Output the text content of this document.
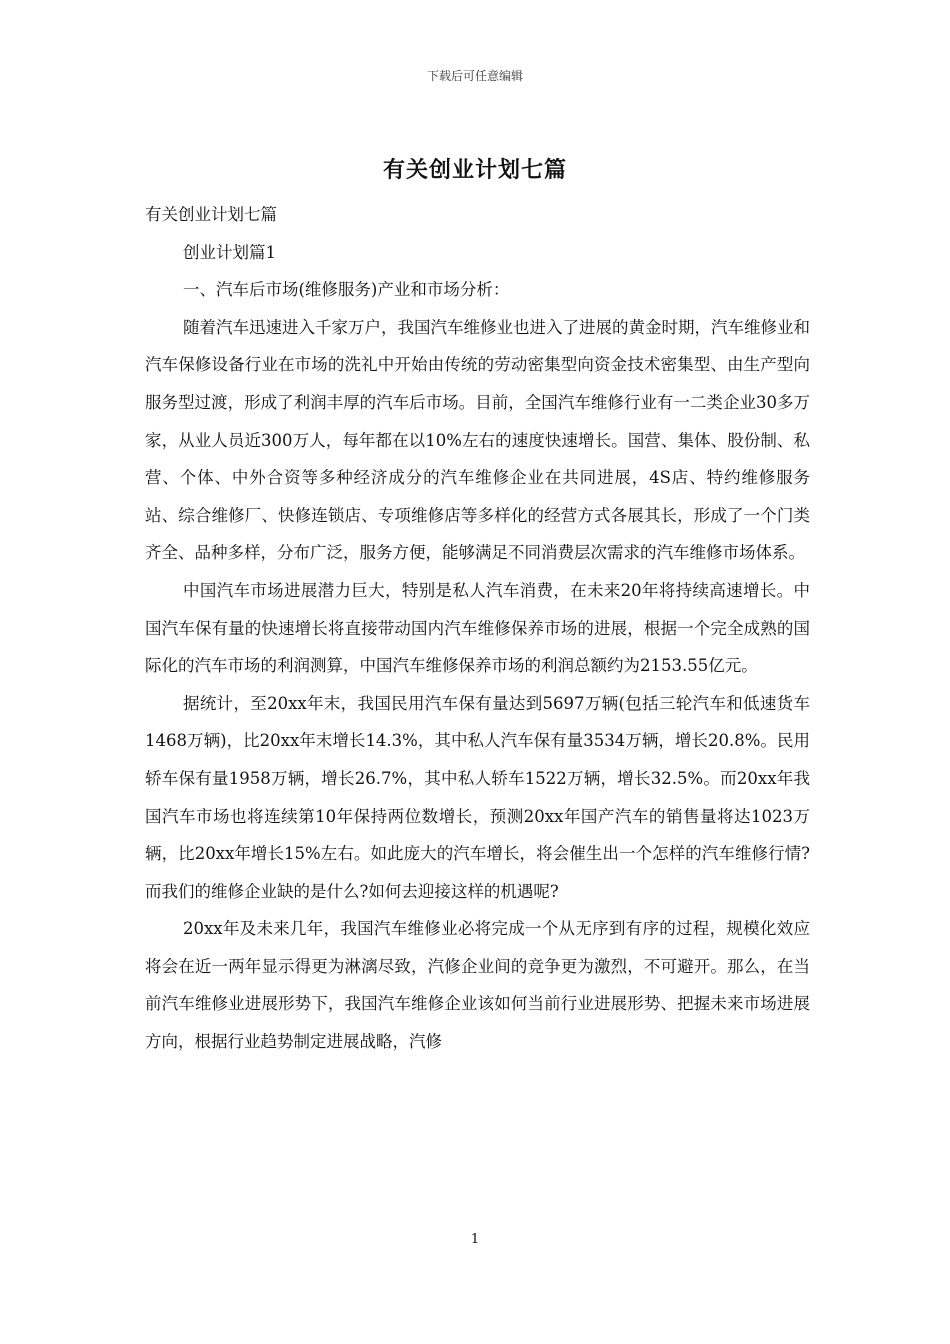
下载后可任意编辑
有关创业计划七篇

有关创业计划七篇

创业计划篇1

一、汽车后市场(维修服务)产业和市场分析：

随着汽车迅速进入千家万户，我国汽车维修业也进入了进展的黄金时期，汽车维修业和汽车保修设备行业在市场的洗礼中开始由传统的劳动密集型向资金技术密集型、由生产型向服务型过渡，形成了利润丰厚的汽车后市场。目前，全国汽车维修行业有一二类企业30多万家，从业人员近300万人，每年都在以10%左右的速度快速增长。国营、集体、股份制、私营、个体、中外合资等多种经济成分的汽车维修企业在共同进展，4S店、特约维修服务站、综合维修厂、快修连锁店、专项维修店等多样化的经营方式各展其长，形成了一个门类齐全、品种多样，分布广泛，服务方便，能够满足不同消费层次需求的汽车维修市场体系。

中国汽车市场进展潜力巨大，特别是私人汽车消费，在未来20年将持续高速增长。中国汽车保有量的快速增长将直接带动国内汽车维修保养市场的进展，根据一个完全成熟的国际化的汽车市场的利润测算，中国汽车维修保养市场的利润总额约为2153.55亿元。

据统计，至20xx年末，我国民用汽车保有量达到5697万辆(包括三轮汽车和低速货车1468万辆)，比20xx年末增长14.3%，其中私人汽车保有量3534万辆，增长20.8%。民用轿车保有量1958万辆，增长26.7%，其中私人轿车1522万辆，增长32.5%。而20xx年我国汽车市场也将连续第10年保持两位数增长，预测20xx年国产汽车的销售量将达1023万辆，比20xx年增长15%左右。如此庞大的汽车增长，将会催生出一个怎样的汽车维修行情?而我们的维修企业缺的是什么?如何去迎接这样的机遇呢?

20xx年及未来几年，我国汽车维修业必将完成一个从无序到有序的过程，规模化效应将会在近一两年显示得更为淋漓尽致，汽修企业间的竞争更为激烈，不可避开。那么，在当前汽车维修业进展形势下，我国汽车维修企业该如何当前行业进展形势、把握未来市场进展方向，根据行业趋势制定进展战略，汽修

1
